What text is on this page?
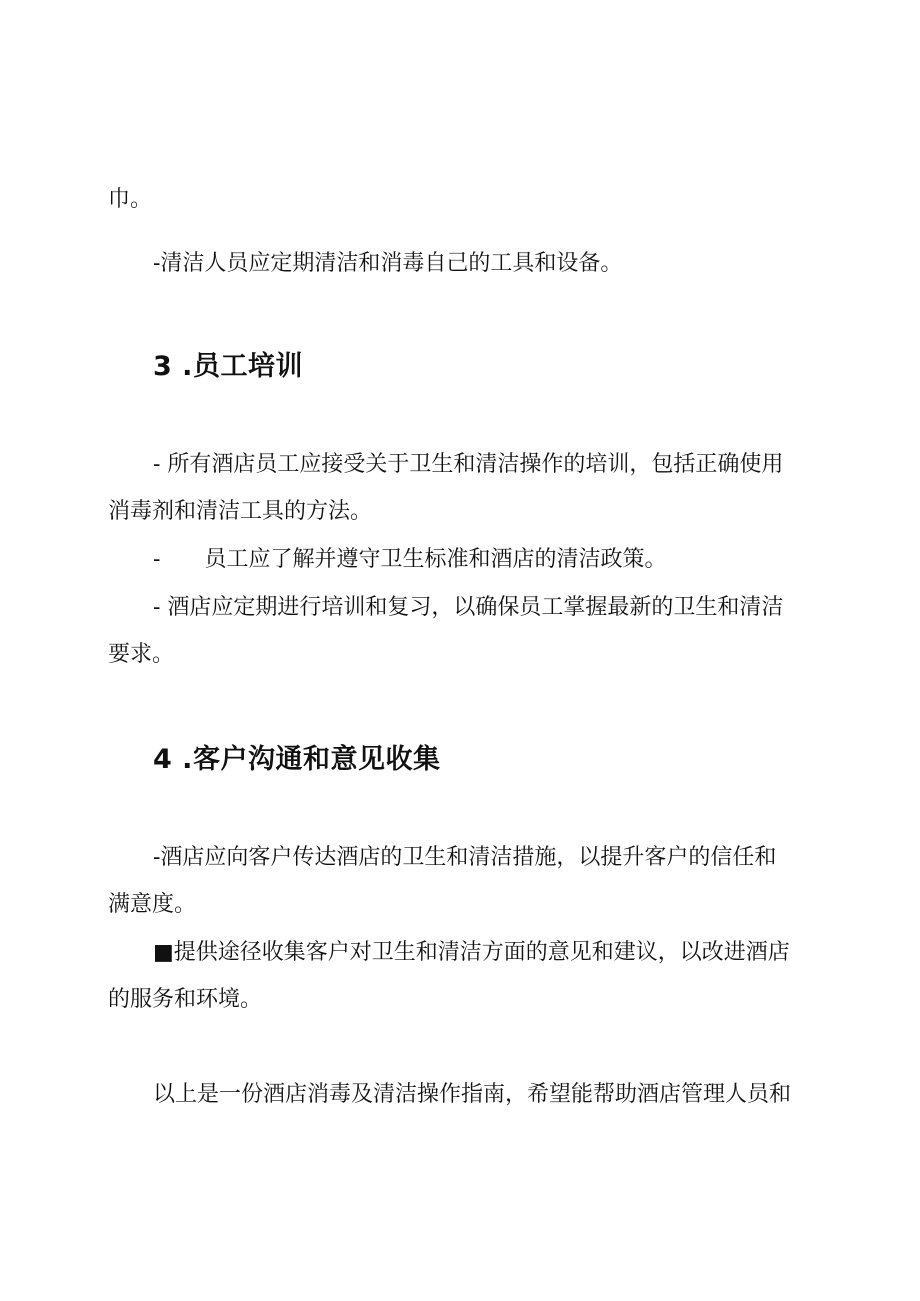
巾。
-清洁人员应定期清洁和消毒自己的工具和设备。
3 .员工培训
- 所有酒店员工应接受关于卫生和清洁操作的培训，包括正确使用
消毒剂和清洁工具的方法。
- 员工应了解并遵守卫生标准和酒店的清洁政策。
- 酒店应定期进行培训和复习，以确保员工掌握最新的卫生和清洁
要求。
4 .客户沟通和意见收集
-酒店应向客户传达酒店的卫生和清洁措施，以提升客户的信任和
满意度。
■提供途径收集客户对卫生和清洁方面的意见和建议，以改进酒店
的服务和环境。
以上是一份酒店消毒及清洁操作指南，希望能帮助酒店管理人员和
